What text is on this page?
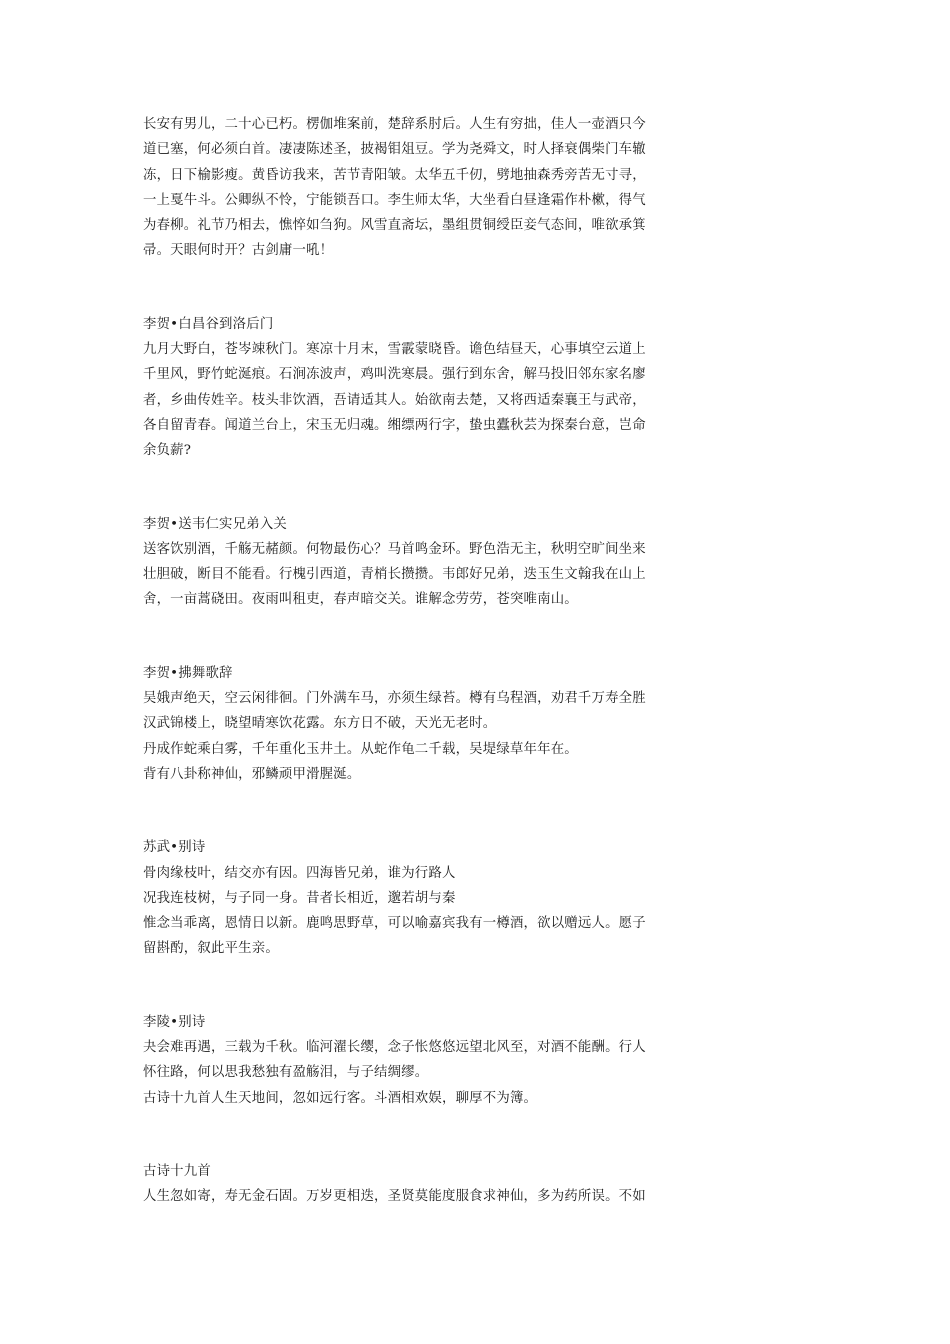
长安有男儿，二十心已朽。楞伽堆案前，楚辞系肘后。人生有穷拙，佳人一壶酒只今
道已塞，何必须白首。凄凄陈述圣，披褐钼俎豆。学为尧舜文，时人择衰偶柴门车辙
冻，日下榆影瘦。黄昏访我来，苦节青阳皱。太华五千仞，劈地抽森秀旁苦无寸寻，
一上戛牛斗。公卿纵不怜，宁能锁吾口。李生师太华，大坐看白昼逢霜作朴樕，得气
为春柳。礼节乃相去，憔悴如刍狗。风雪直斋坛，墨组贯铜绶臣妾气态间，唯欲承箕
帚。天眼何时开？古剑庸一吼！
李贺•白昌谷到洛后门
九月大野白，苍岑竦秋门。寒凉十月末，雪霰蒙晓昏。谵色结昼天，心事填空云道上
千里风，野竹蛇涎痕。石涧冻波声，鸡叫洗寒晨。强行到东舍，解马投旧邻东家名廖
者，乡曲传姓辛。枝头非饮酒，吾请适其人。始欲南去楚，又将西适秦襄王与武帝，
各自留青春。闻道兰台上，宋玉无归魂。缃缥两行字，蛰虫蠹秋芸为探秦台意，岂命
余负薪?
李贺•送韦仁实兄弟入关
送客饮别酒，千觞无赭颜。何物最伤心？马首鸣金环。野色浩无主，秋明空旷间坐来
壮胆破，断目不能看。行槐引西道，青梢长攒攒。韦郎好兄弟，迭玉生文翰我在山上
舍，一亩蒿硗田。夜雨叫租吏，春声暗交关。谁解念劳劳，苍突唯南山。
李贺•拂舞歌辞
吴娥声绝天，空云闲徘徊。门外满车马，亦须生绿苔。樽有乌程酒，劝君千万寿全胜
汉武锦楼上，晓望晴寒饮花露。东方日不破，天光无老时。
丹成作蛇乘白雾，千年重化玉井土。从蛇作龟二千载，吴堤绿草年年在。
背有八卦称神仙，邪鳞顽甲滑腥涎。
苏武•别诗
骨肉缘枝叶，结交亦有因。四海皆兄弟，谁为行路人
况我连枝树，与子同一身。昔者长相近，邈若胡与秦
惟念当乖离，恩情日以新。鹿鸣思野草，可以喻嘉宾我有一樽酒，欲以赠远人。愿子
留斟酌，叙此平生亲。
李陵•别诗
夬会难再遇，三载为千秋。临河濯长缨，念子怅悠悠远望北风至，对酒不能酬。行人
怀往路，何以思我愁独有盈觞泪，与子结绸缪。
古诗十九首人生天地间，忽如远行客。斗酒相欢娱，聊厚不为簿。
古诗十九首
人生忽如寄，寿无金石固。万岁更相迭，圣贤莫能度服食求神仙，多为药所误。不如
